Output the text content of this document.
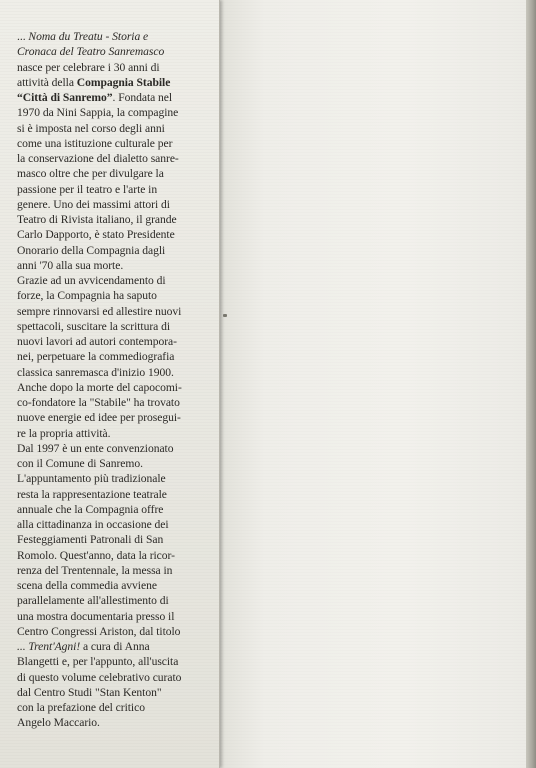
... Noma du Treatu - Storia e
Cronaca del Teatro Sanremasco
nasce per celebrare i 30 anni di
attività della Compagnia Stabile
“Città di Sanremo”. Fondata nel
1970 da Nini Sappia, la compagine
si è imposta nel corso degli anni
come una istituzione culturale per
la conservazione del dialetto sanre-
masco oltre che per divulgare la
passione per il teatro e l'arte in
genere. Uno dei massimi attori di
Teatro di Rivista italiano, il grande
Carlo Dapporto, è stato Presidente
Onorario della Compagnia dagli
anni '70 alla sua morte.
Grazie ad un avvicendamento di
forze, la Compagnia ha saputo
sempre rinnovarsi ed allestire nuovi
spettacoli, suscitare la scrittura di
nuovi lavori ad autori contempora-
nei, perpetuare la commediografia
classica sanremasca d'inizio 1900.
Anche dopo la morte del capocomi-
co-fondatore la "Stabile" ha trovato
nuove energie ed idee per prosegui-
re la propria attività.
Dal 1997 è un ente convenzionato
con il Comune di Sanremo.
L'appuntamento più tradizionale
resta la rappresentazione teatrale
annuale che la Compagnia offre
alla cittadinanza in occasione dei
Festeggiamenti Patronali di San
Romolo. Quest'anno, data la ricor-
renza del Trentennale, la messa in
scena della commedia avviene
parallelamente all'allestimento di
una mostra documentaria presso il
Centro Congressi Ariston, dal titolo
... Trent'Agni! a cura di Anna
Blangetti e, per l'appunto, all'uscita
di questo volume celebrativo curato
dal Centro Studi "Stan Kenton"
con la prefazione del critico
Angelo Maccario.
